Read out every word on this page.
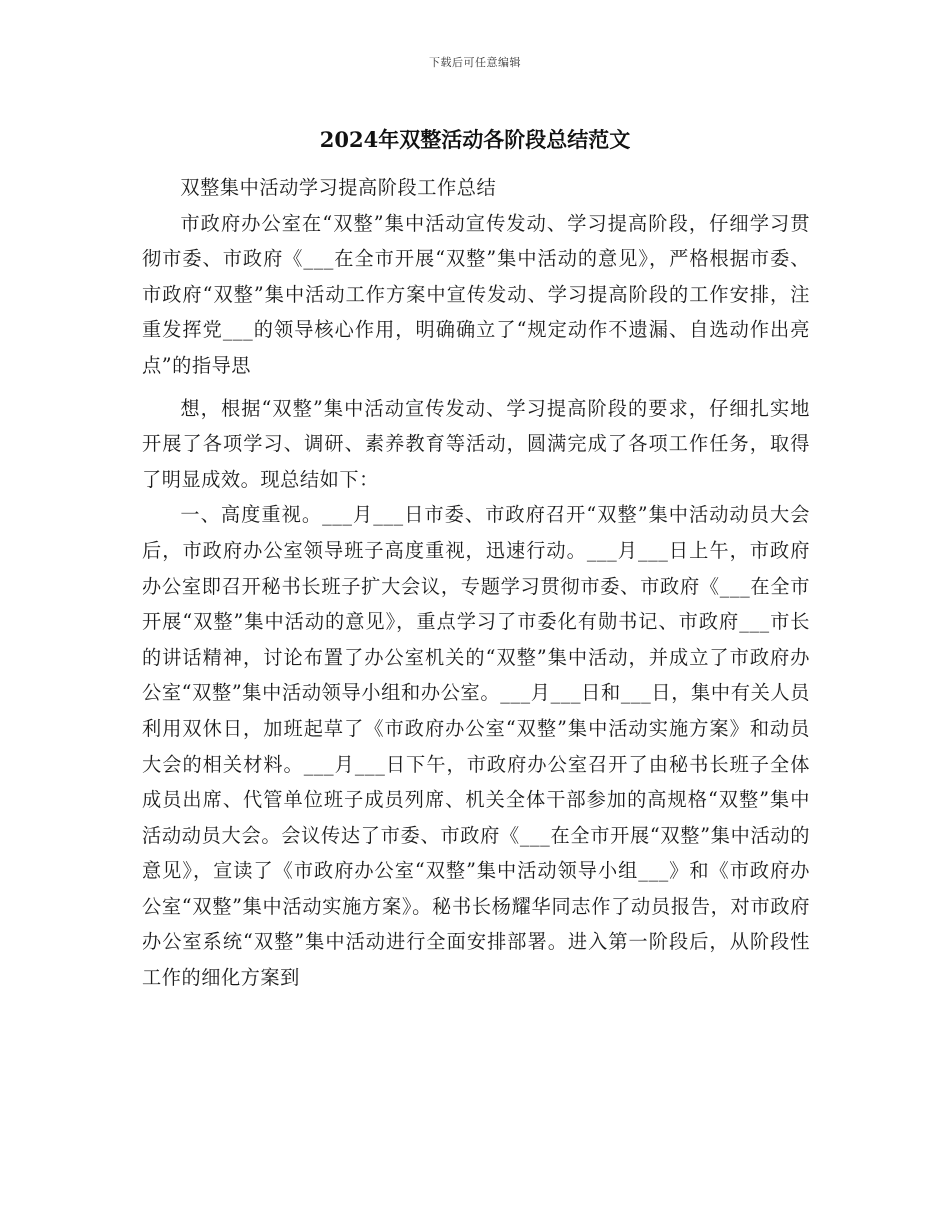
下载后可任意编辑
2024年双整活动各阶段总结范文

双整集中活动学习提高阶段工作总结

市政府办公室在“双整”集中活动宣传发动、学习提高阶段，仔细学习贯彻市委、市政府《___在全市开展“双整”集中活动的意见》，严格根据市委、市政府“双整”集中活动工作方案中宣传发动、学习提高阶段的工作安排，注重发挥党___的领导核心作用，明确确立了“规定动作不遗漏、自选动作出亮点”的指导思

想，根据“双整”集中活动宣传发动、学习提高阶段的要求，仔细扎实地开展了各项学习、调研、素养教育等活动，圆满完成了各项工作任务，取得了明显成效。现总结如下：

一、高度重视。___月___日市委、市政府召开“双整”集中活动动员大会后，市政府办公室领导班子高度重视，迅速行动。___月___日上午，市政府办公室即召开秘书长班子扩大会议，专题学习贯彻市委、市政府《___在全市开展“双整”集中活动的意见》，重点学习了市委化有勋书记、市政府___市长的讲话精神，讨论布置了办公室机关的“双整”集中活动，并成立了市政府办公室“双整”集中活动领导小组和办公室。___月___日和___日，集中有关人员利用双休日，加班起草了《市政府办公室“双整”集中活动实施方案》和动员大会的相关材料。___月___日下午，市政府办公室召开了由秘书长班子全体成员出席、代管单位班子成员列席、机关全体干部参加的高规格“双整”集中活动动员大会。会议传达了市委、市政府《___在全市开展“双整”集中活动的意见》，宣读了《市政府办公室“双整”集中活动领导小组___》和《市政府办公室“双整”集中活动实施方案》。秘书长杨耀华同志作了动员报告，对市政府办公室系统“双整”集中活动进行全面安排部署。进入第一阶段后，从阶段性工作的细化方案到
